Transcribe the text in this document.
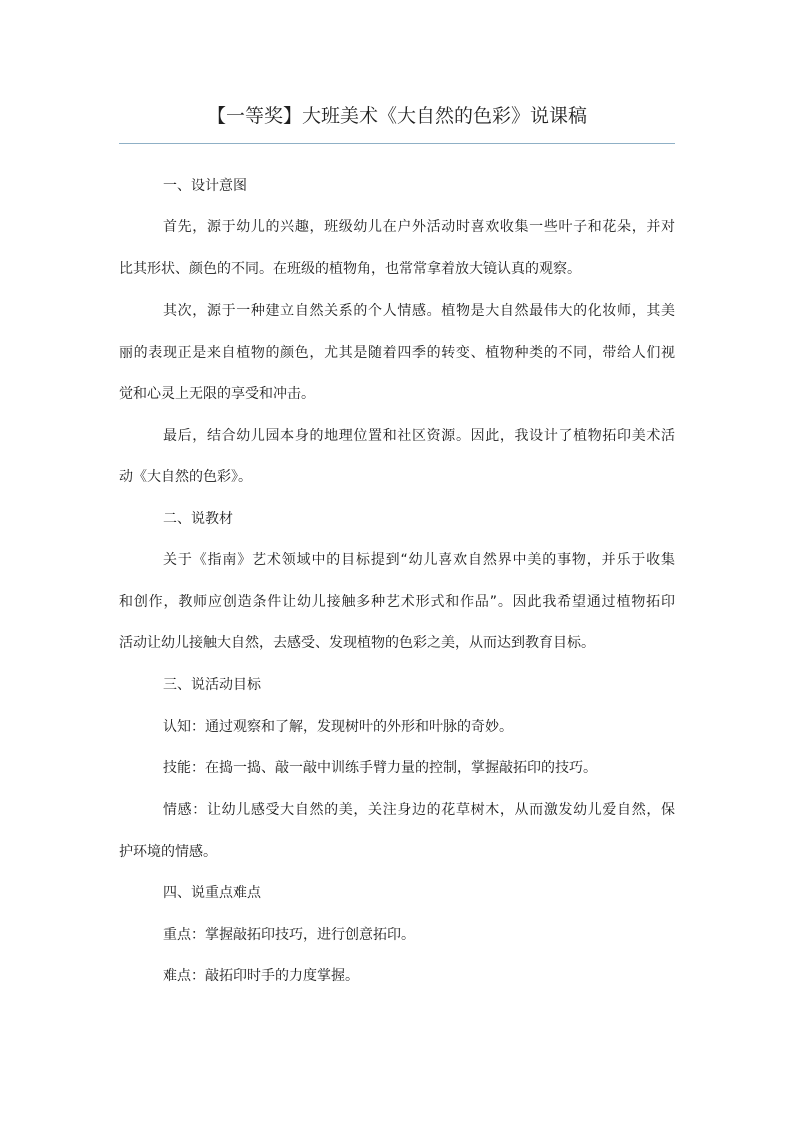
【一等奖】大班美术《大自然的色彩》说课稿
一、设计意图
首先，源于幼儿的兴趣，班级幼儿在户外活动时喜欢收集一些叶子和花朵，并对
比其形状、颜色的不同。在班级的植物角，也常常拿着放大镜认真的观察。
其次，源于一种建立自然关系的个人情感。植物是大自然最伟大的化妆师，其美
丽的表现正是来自植物的颜色，尤其是随着四季的转变、植物种类的不同，带给人们视
觉和心灵上无限的享受和冲击。
最后，结合幼儿园本身的地理位置和社区资源。因此，我设计了植物拓印美术活
动《大自然的色彩》。
二、说教材
关于《指南》艺术领域中的目标提到“幼儿喜欢自然界中美的事物，并乐于收集
和创作，教师应创造条件让幼儿接触多种艺术形式和作品”。因此我希望通过植物拓印
活动让幼儿接触大自然，去感受、发现植物的色彩之美，从而达到教育目标。
三、说活动目标
认知：通过观察和了解，发现树叶的外形和叶脉的奇妙。
技能：在捣一捣、敲一敲中训练手臂力量的控制，掌握敲拓印的技巧。
情感：让幼儿感受大自然的美，关注身边的花草树木，从而激发幼儿爱自然，保
护环境的情感。
四、说重点难点
重点：掌握敲拓印技巧，进行创意拓印。
难点：敲拓印时手的力度掌握。
